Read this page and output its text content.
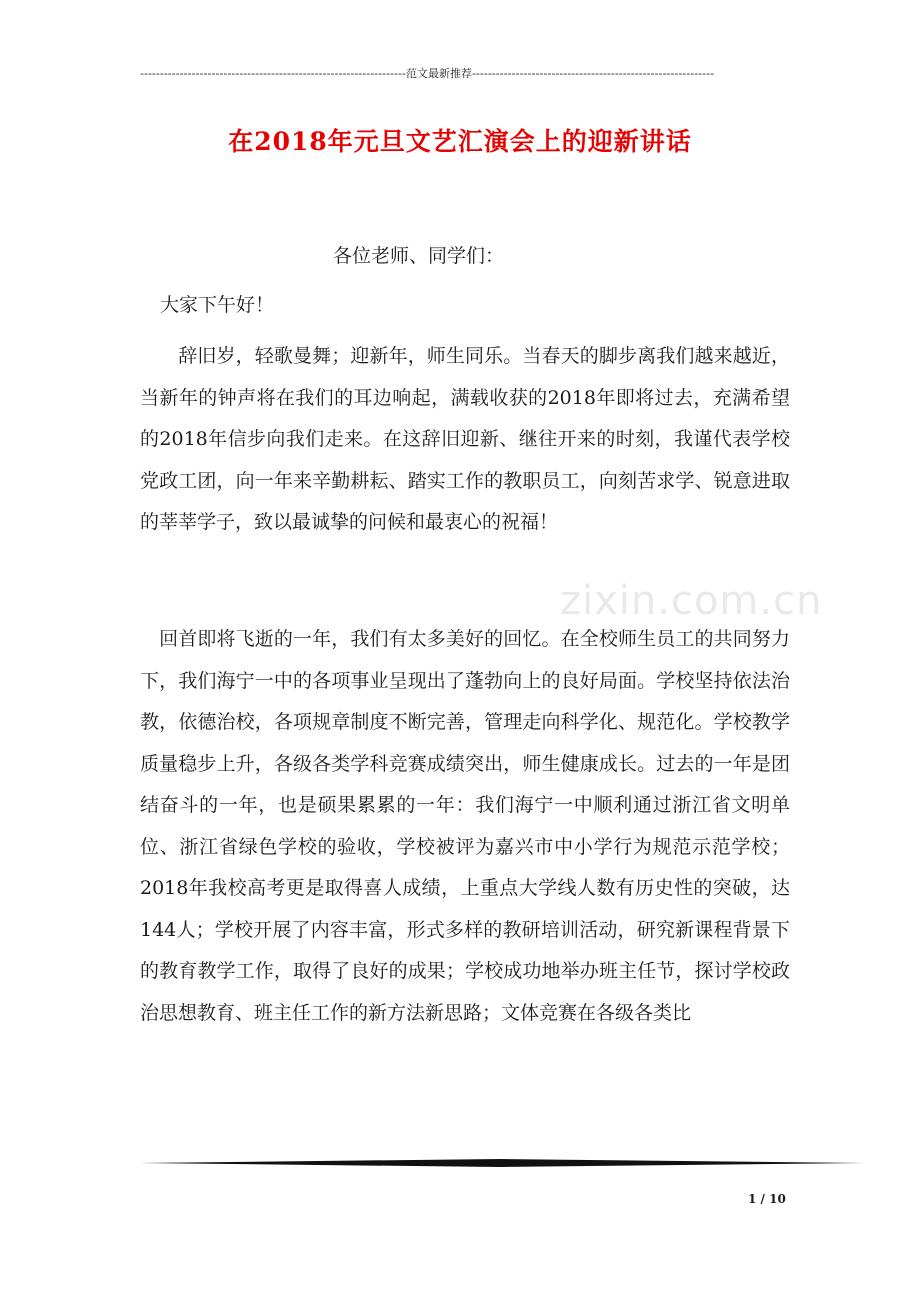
-------------------------------------------------------------------范文最新推荐-------------------------------------------------------------
在2018年元旦文艺汇演会上的迎新讲话
zixin.com.cn
各位老师、同学们：
大家下午好！

　　辞旧岁，轻歌曼舞；迎新年，师生同乐。当春天的脚步离我们越来越近，当新年的钟声将在我们的耳边响起，满载收获的2018年即将过去，充满希望的2018年信步向我们走来。在这辞旧迎新、继往开来的时刻，我谨代表学校党政工团，向一年来辛勤耕耘、踏实工作的教职员工，向刻苦求学、锐意进取的莘莘学子，致以最诚挚的问候和最衷心的祝福！

　回首即将飞逝的一年，我们有太多美好的回忆。在全校师生员工的共同努力下，我们海宁一中的各项事业呈现出了蓬勃向上的良好局面。学校坚持依法治教，依德治校，各项规章制度不断完善，管理走向科学化、规范化。学校教学质量稳步上升，各级各类学科竞赛成绩突出，师生健康成长。过去的一年是团结奋斗的一年，也是硕果累累的一年：我们海宁一中顺利通过浙江省文明单位、浙江省绿色学校的验收，学校被评为嘉兴市中小学行为规范示范学校；2018年我校高考更是取得喜人成绩，上重点大学线人数有历史性的突破，达144人；学校开展了内容丰富，形式多样的教研培训活动，研究新课程背景下的教育教学工作，取得了良好的成果；学校成功地举办班主任节，探讨学校政治思想教育、班主任工作的新方法新思路；文体竞赛在各级各类比

1 / 10
